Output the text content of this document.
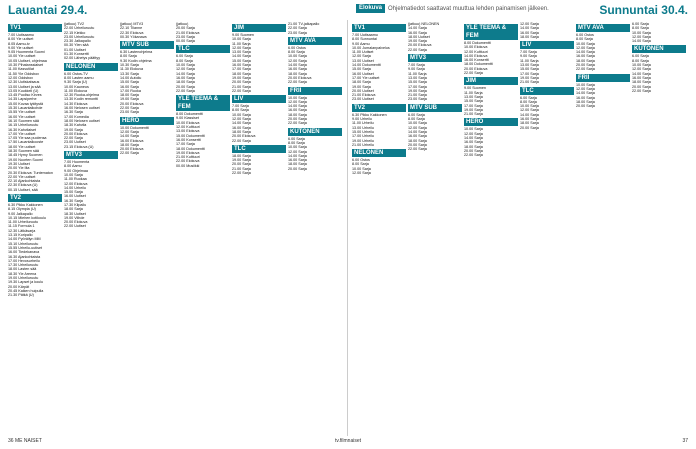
Lauantai 29.4.	Elokuva	Ohjelmatiedot saattavat muuttua lehden painamisen jälkeen.	Sunnuntai 30.4.
TV1
7.00 Uutisaamu
8.00 Yle uutiset
8.05 Aamu-tv
9.00 Yle uutiset
9.05 Huomenta Suomi
10.00 Yle uutiset
10.05 Uutiset, ohjelmaa
10.30 Pihatanssiaiset
11.00 Kasvutilat
11.50 Yle Oddsbox
12.00 Oddsbox
12.30 Uutiskatsaus
13.00 Uutiset ja sää
13.05 Kuukkeli (U)
13.45 Puoliso Kirves
14.35 Lapsiperhe
15.00 Kovaa tykitystä
15.30 Lauantaikohde
15.55 Yle uutiset
16.00 Yle uutiset
16.10 Suomen sää
16.15 Urheiluruutu
16.30 Kahvilaiset
17.00 Yle uutiset
17.05 Yle saa puolensa
17.50 Lauantaikooste
18.00 Yle uutiset
18.30 Suomen sää
18.45 Hymy Suomen
19.00 Nuorten Suomi
19.30 Uutiset
20.00 Yle Ilta
20.30 Elokuva: Tuntematon
22.00 Yle uutiset
22.10 Ajankohtaista
22.30 Elokuva (U)
00.15 Uutiset, sää
TV2
6.30 Pikku Kakkonen
8.15 Olympia (U)
9.00 Jalkapallo
10.15 Miehen kotikoulu
11.00 Urheiluruutu
11.15 Formula 1
12.30 Lätkäsarja
13.15 Koripallo
14.00 Pyöräilyn MM
15.10 Urheiluruutu
15.55 Urheilu-uutiset
16.00 Tiedekanava
16.30 Ajankohtaista
17.00 Hevosurheilu
17.30 Urheiluruutu
18.00 Lasten sää
18.30 Yle Areena
19.00 Urheiluruutu
19.30 Lapset ja koulu
20.00 Kärpät
20.45 Kaiken huipulla
21.30 Pätkä (U)
(jatkuu) TV2
22.00 Urheiluruutu
22.15 Kiekko
23.00 Urheiluruutu
23.30 Jalkapallo
00.30 Ylen sää
01.00 Uutiset
01.30 Konsertti
02.00 Lähetys päättyy
NELONEN
6.00 Ostos-TV
8.00 Lasten aamu
9.30 Sarja (U)
10.00 Kauneus
11.00 Elokuva
12.30 Ruoka-ohjelma
13.30 Kodin remontti
14.30 Elokuva
16.00 Nelosen uutiset
16.30 Sarja
17.00 Komedia
18.00 Nelosen uutiset
18.30 Kahvila
19.00 Sarja
20.00 Elokuva
22.00 Sarja
23.00 Uutiset
23.15 Elokuva (U)
MTV3
7.00 Huomenta
8.00 Aamu
9.00 Ohjelmaa
10.00 Sarja
11.00 Ruokaa
12.00 Elokuva
14.00 Urheilu
15.00 Sarja
16.00 Uutiset
16.30 Sarja
17.30 Kilpailu
18.00 Sarja
18.30 Uutiset
19.00 Viihde
20.00 Elokuva
22.00 Uutiset
(jatkuu) MTV3
22.10 Tilanne
22.30 Elokuva
00.30 Yökanava
MTV SUB
6.30 Lastenohjelma
8.00 Sarja
9.30 Kodin ohjelma
10.30 Sarja
11.30 Elokuva
13.30 Sarja
14.00 Autoilu
15.00 Sarja
16.00 Sarja
17.00 Ruoka
18.00 Sarja
19.00 Sarja
20.00 Elokuva
22.00 Sarja
23.00 Sarja
HERO
10.00 Dokumentti
12.00 Sarja
14.00 Sarja
16.00 Elokuva
18.00 Sarja
20.00 Elokuva
22.00 Sarja
(jatkuu)
20.00 Sarja
21.00 Elokuva
23.00 Sarja
00.00 Sarja
TLC
6.00 Sarja
8.00 Sarja
10.00 Sarja
12.00 Sarja
14.00 Sarja
16.00 Sarja
18.00 Sarja
20.00 Sarja
22.00 Sarja
YLE TEEMA & FEM
8.00 Dokumentti
9.00 Klassiset
10.00 Elokuva
12.00 Kulttuuri
13.00 Elokuva
15.00 Dokumentti
16.00 Konsertti
17.00 Sarja
18.00 Dokumentti
19.00 Elokuva
21.00 Kulttuuri
22.00 Elokuva
00.00 Musiikki
JIM
9.00 Suomen
10.00 Sarja
11.00 Sarja
12.00 Sarja
13.00 Sarja
14.00 Sarja
15.00 Sarja
16.00 Sarja
17.00 Sarja
18.00 Sarja
19.00 Sarja
20.00 Sarja
21.00 Sarja
22.00 Sarja
LIV
7.00 Sarja
8.00 Sarja
10.00 Sarja
12.00 Sarja
14.00 Sarja
16.00 Sarja
18.00 Sarja
20.00 Elokuva
22.00 Sarja
TLC
18.00 Sarja
19.00 Sarja
20.00 Sarja
21.00 Sarja
22.00 Sarja
21.00 TV-jalkapallo
22.00 Sarja
23.00 Sarja
MTV AVA
6.00 Ostos
8.00 Sarja
10.00 Sarja
12.00 Sarja
14.00 Sarja
16.00 Sarja
18.00 Sarja
20.00 Elokuva
22.00 Sarja
FRII
10.00 Sarja
12.00 Sarja
14.00 Sarja
16.00 Sarja
18.00 Sarja
20.00 Sarja
22.00 Sarja
KUTONEN
6.00 Sarja
8.00 Sarja
10.00 Sarja
12.00 Sarja
14.00 Sarja
16.00 Sarja
18.00 Sarja
20.00 Sarja
TV1
7.00 Uutisaamu
8.00 Sunnuntai
9.00 Aamu
10.00 Jumalanpalvelus
11.00 Uutiset
12.00 Sarja
13.00 Uutiset
14.00 Dokumentti
15.00 Sarja
16.00 Uutiset
17.00 Yle uutiset
18.00 Sarja
19.00 Sarja
20.00 Uutiset
21.00 Elokuva
23.00 Uutiset
TV2
6.30 Pikku Kakkonen
9.00 Urheilu
11.00 Urheilu
13.00 Urheilu
15.00 Urheilu
17.00 Urheilu
19.00 Urheilu
21.00 Urheilu
NELONEN
6.00 Ostos
8.00 Sarja
10.00 Sarja
12.00 Sarja
(jatkuu) NELONEN
14.00 Sarja
16.00 Sarja
18.00 Uutiset
19.00 Sarja
20.00 Elokuva
22.00 Sarja
MTV3
7.00 Sarja
9.00 Sarja
11.00 Sarja
13.00 Sarja
15.00 Sarja
17.00 Sarja
19.00 Sarja
21.00 Sarja
23.00 Sarja
MTV SUB
6.00 Sarja
8.00 Sarja
10.00 Sarja
12.00 Sarja
14.00 Sarja
16.00 Sarja
18.00 Sarja
20.00 Sarja
22.00 Sarja
YLE TEEMA & FEM
8.00 Dokumentti
10.00 Elokuva
12.00 Kulttuuri
14.00 Elokuva
16.00 Konsertti
18.00 Dokumentti
20.00 Elokuva
22.00 Sarja
JIM
9.00 Suomen
11.00 Sarja
13.00 Sarja
15.00 Sarja
17.00 Sarja
19.00 Sarja
21.00 Sarja
HERO
10.00 Sarja
12.00 Sarja
14.00 Sarja
16.00 Sarja
18.00 Sarja
20.00 Sarja
22.00 Sarja
12.00 Sarja
14.00 Sarja
16.00 Sarja
18.00 Sarja
LIV
7.00 Sarja
9.00 Sarja
11.00 Sarja
13.00 Sarja
15.00 Sarja
17.00 Sarja
19.00 Sarja
21.00 Sarja
TLC
6.00 Sarja
8.00 Sarja
10.00 Sarja
12.00 Sarja
14.00 Sarja
16.00 Sarja
18.00 Sarja
20.00 Sarja
MTV AVA
6.00 Ostos
8.00 Sarja
10.00 Sarja
12.00 Sarja
14.00 Sarja
16.00 Sarja
18.00 Sarja
20.00 Sarja
22.00 Sarja
FRII
10.00 Sarja
12.00 Sarja
14.00 Sarja
16.00 Sarja
18.00 Sarja
20.00 Sarja
6.00 Sarja
8.00 Sarja
10.00 Sarja
12.00 Sarja
14.00 Sarja
KUTONEN
6.00 Sarja
8.00 Sarja
10.00 Sarja
12.00 Sarja
14.00 Sarja
16.00 Sarja
18.00 Sarja
20.00 Sarja
22.00 Sarja
36 ME NAISET	tv.filmnaiset	37
